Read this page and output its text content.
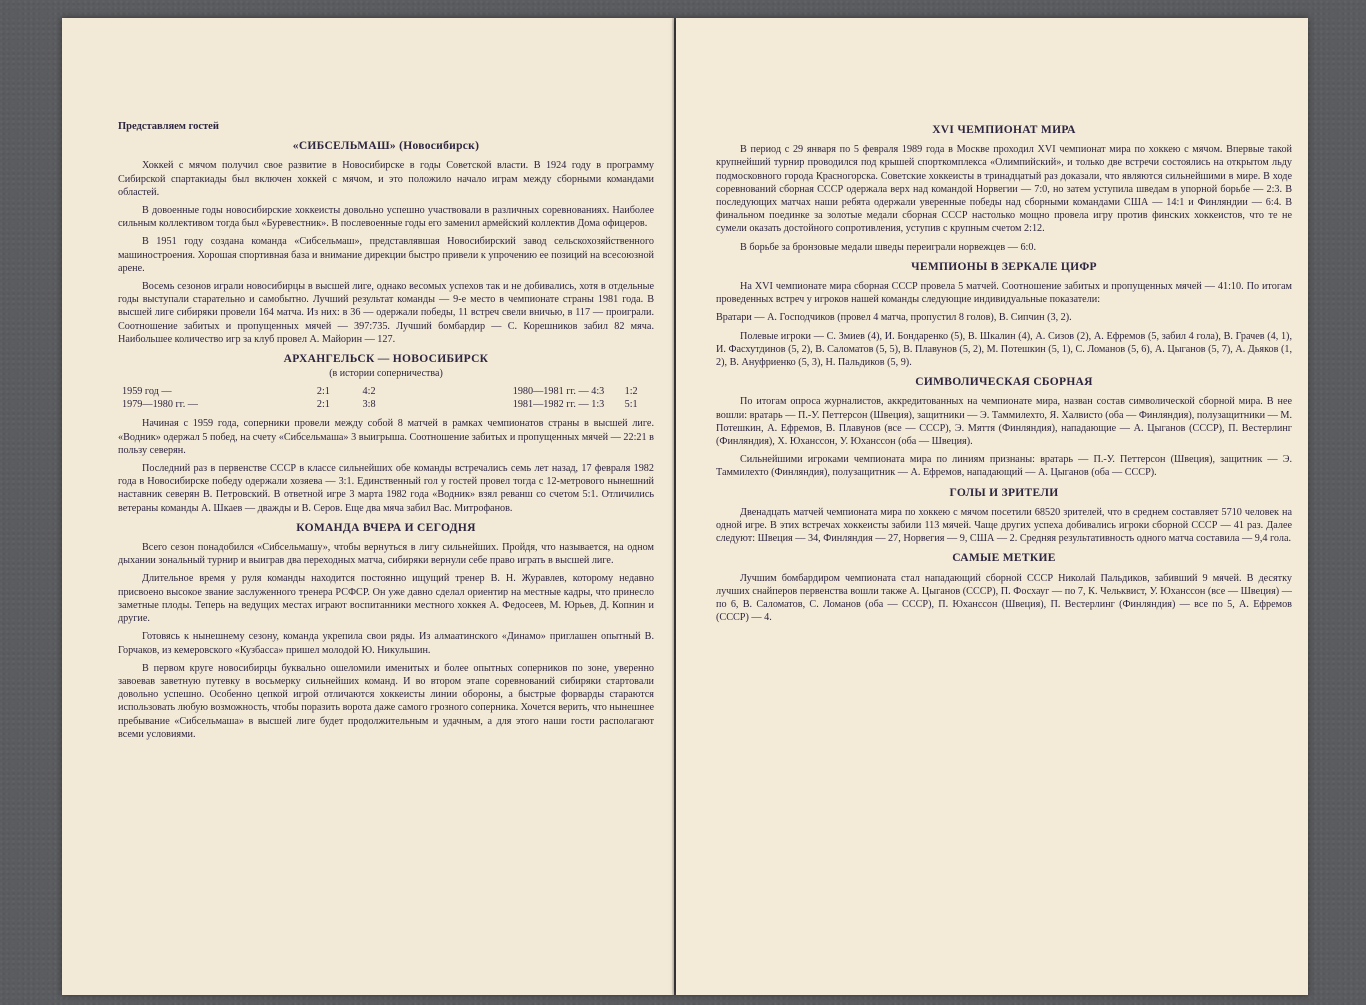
Представляем гостей

«СИБСЕЛЬМАШ» (Новосибирск)

Хоккей с мячом получил свое развитие в Новосибирске в годы Советской власти. В 1924 году в программу Сибирской спартакиады был включен хоккей с мячом, и это положило начало играм между сборными командами областей.

В довоенные годы новосибирские хоккеисты довольно успешно участвовали в различных соревнованиях. Наиболее сильным коллективом тогда был «Буревестник». В послевоенные годы его заменил армейский коллектив Дома офицеров.

В 1951 году создана команда «Сибсельмаш», представлявшая Новосибирский завод сельскохозяйственного машиностроения. Хорошая спортивная база и внимание дирекции быстро привели к упрочению ее позиций на всесоюзной арене.

Восемь сезонов играли новосибирцы в высшей лиге, однако весомых успехов так и не добивались, хотя в отдельные годы выступали старательно и самобытно. Лучший результат команды — 9-е место в чемпионате страны 1981 года. В высшей лиге сибиряки провели 164 матча. Из них: в 36 — одержали победы, 11 встреч свели вничью, в 117 — проиграли. Соотношение забитых и пропущенных мячей — 397:735. Лучший бомбардир — С. Корешников забил 82 мяча. Наибольшее количество игр за клуб провел А. Майорин — 127.

АРХАНГЕЛЬСК — НОВОСИБИРСК
(в истории соперничества)
1959 год —	2:1	4:2	1980—1981 гг. — 4:3	1:2
1979—1980 гг. —	2:1	3:8	1981—1982 гг. — 1:3	5:1

Начиная с 1959 года, соперники провели между собой 8 матчей в рамках чемпионатов страны в высшей лиге. «Водник» одержал 5 побед, на счету «Сибсельмаша» 3 выигрыша. Соотношение забитых и пропущенных мячей — 22:21 в пользу северян.

Последний раз в первенстве СССР в классе сильнейших обе команды встречались семь лет назад, 17 февраля 1982 года в Новосибирске победу одержали хозяева — 3:1. Единственный гол у гостей провел тогда с 12-метрового нынешний наставник северян В. Петровский. В ответной игре 3 марта 1982 года «Водник» взял реванш со счетом 5:1. Отличились ветераны команды А. Шкаев — дважды и В. Серов. Еще два мяча забил Вас. Митрофанов.

КОМАНДА ВЧЕРА И СЕГОДНЯ

Всего сезон понадобился «Сибсельмашу», чтобы вернуться в лигу сильнейших. Пройдя, что называется, на одном дыхании зональный турнир и выиграв два переходных матча, сибиряки вернули себе право играть в высшей лиге.

Длительное время у руля команды находится постоянно ищущий тренер В. Н. Журавлев, которому недавно присвоено высокое звание заслуженного тренера РСФСР. Он уже давно сделал ориентир на местные кадры, что принесло заметные плоды. Теперь на ведущих местах играют воспитанники местного хоккея А. Федосеев, М. Юрьев, Д. Копнин и другие.

Готовясь к нынешнему сезону, команда укрепила свои ряды. Из алмаатинского «Динамо» приглашен опытный В. Горчаков, из кемеровского «Кузбасса» пришел молодой Ю. Никульшин.

В первом круге новосибирцы буквально ошеломили именитых и более опытных соперников по зоне, уверенно завоевав заветную путевку в восьмерку сильнейших команд. И во втором этапе соревнований сибиряки стартовали довольно успешно. Особенно цепкой игрой отличаются хоккеисты линии обороны, а быстрые форварды стараются использовать любую возможность, чтобы поразить ворота даже самого грозного соперника. Хочется верить, что нынешнее пребывание «Сибсельмаша» в высшей лиге будет продолжительным и удачным, а для этого наши гости располагают всеми условиями.

XVI ЧЕМПИОНАТ МИРА

В период с 29 января по 5 февраля 1989 года в Москве проходил XVI чемпионат мира по хоккею с мячом. Впервые такой крупнейший турнир проводился под крышей спорткомплекса «Олимпийский», и только две встречи состоялись на открытом льду подмосковного города Красногорска. Советские хоккеисты в тринадцатый раз доказали, что являются сильнейшими в мире. В ходе соревнований сборная СССР одержала верх над командой Норвегии — 7:0, но затем уступила шведам в упорной борьбе — 2:3. В последующих матчах наши ребята одержали уверенные победы над сборными командами США — 14:1 и Финляндии — 6:4. В финальном поединке за золотые медали сборная СССР настолько мощно провела игру против финских хоккеистов, что те не сумели оказать достойного сопротивления, уступив с крупным счетом 2:12.

В борьбе за бронзовые медали шведы переиграли норвежцев — 6:0.

ЧЕМПИОНЫ В ЗЕРКАЛЕ ЦИФР

На XVI чемпионате мира сборная СССР провела 5 матчей. Соотношение забитых и пропущенных мячей — 41:10. По итогам проведенных встреч у игроков нашей команды следующие индивидуальные показатели:

Вратари — А. Господчиков (провел 4 матча, пропустил 8 голов), В. Сипчин (3, 2).

Полевые игроки — С. Змиев (4), И. Бондаренко (5), В. Шкалин (4), А. Сизов (2), А. Ефремов (5, забил 4 гола), В. Грачев (4, 1), И. Фасхутдинов (5, 2), В. Саломатов (5, 5), В. Плавунов (5, 2), М. Потешкин (5, 1), С. Ломанов (5, 6), А. Цыганов (5, 7), А. Дьяков (1, 2), В. Ануфриенко (5, 3), Н. Пальдиков (5, 9).

СИМВОЛИЧЕСКАЯ СБОРНАЯ

По итогам опроса журналистов, аккредитованных на чемпионате мира, назван состав символической сборной мира. В нее вошли: вратарь — П.-У. Петтерсон (Швеция), защитники — Э. Таммилехто, Я. Халвисто (оба — Финляндия), полузащитники — М. Потешкин, А. Ефремов, В. Плавунов (все — СССР), Э. Мяття (Финляндия), нападающие — А. Цыганов (СССР), П. Вестерлинг (Финляндия), Х. Юхансcон, У. Юхансcон (оба — Швеция).

Сильнейшими игроками чемпионата мира по линиям признаны: вратарь — П.-У. Петтерсон (Швеция), защитник — Э. Таммилехто (Финляндия), полузащитник — А. Ефремов, нападающий — А. Цыганов (оба — СССР).

ГОЛЫ И ЗРИТЕЛИ

Двенадцать матчей чемпионата мира по хоккею с мячом посетили 68520 зрителей, что в среднем составляет 5710 человек на одной игре. В этих встречах хоккеисты забили 113 мячей. Чаще других успеха добивались игроки сборной СССР — 41 раз. Далее следуют: Швеция — 34, Финляндия — 27, Норвегия — 9, США — 2. Средняя результативность одного матча составила — 9,4 гола.

САМЫЕ МЕТКИЕ

Лучшим бомбардиром чемпионата стал нападающий сборной СССР Николай Пальдиков, забивший 9 мячей. В десятку лучших снайперов первенства вошли также А. Цыганов (СССР), П. Фосхауг — по 7, К. Чельквист, У. Юхансcон (все — Швеция) — по 6, В. Саломатов, С. Ломанов (оба — СССР), П. Юхансcон (Швеция), П. Вестерлинг (Финляндия) — все по 5, А. Ефремов (СССР) — 4.
